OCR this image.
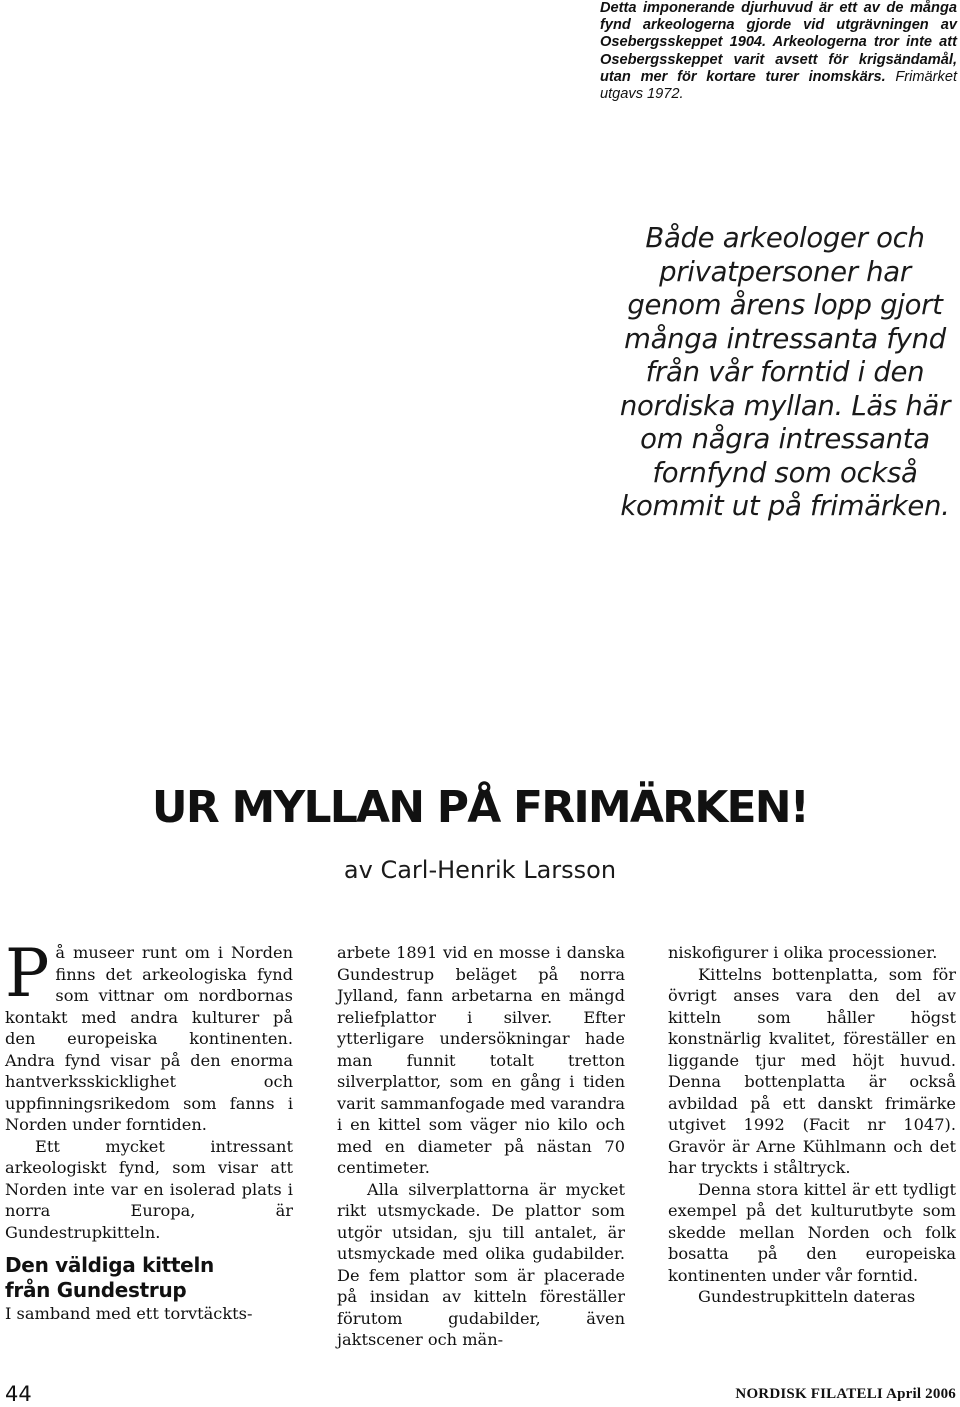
Detta imponerande djurhuvud är ett av de många fynd arkeologerna gjorde vid utgrävningen av Osebergsskeppet 1904. Arkeologerna tror inte att Osebergsskeppet varit avsett för krigsändamål, utan mer för kortare turer inomskärs. Frimärket utgavs 1972.

Både arkeologer och

privatpersoner har

genom årens lopp gjort

många intressanta fynd

från vår forntid i den

nordiska myllan. Läs här

om några intressanta

fornfynd som också

kommit ut på frimärken.

UR MYLLAN PÅ FRIMÄRKEN!
av Carl-Henrik Larsson

På museer runt om i Norden finns det arkeologiska fynd som vittnar om nordbornas kontakt med andra kulturer på den europeiska kontinenten. Andra fynd visar på den enorma hantverksskicklighet och uppfinningsrikedom som fanns i Norden under forntiden.

Ett mycket intressant arkeologiskt fynd, som visar att Norden inte var en isolerad plats i norra Europa, är Gundestrupkitteln.

Den väldiga kitteln
från Gundestrup

I samband med ett torvtäckts-

arbete 1891 vid en mosse i danska Gundestrup beläget på norra Jylland, fann arbetarna en mängd reliefplattor i silver. Efter ytterligare undersökningar hade man funnit totalt tretton silverplattor, som en gång i tiden varit sammanfogade med varandra i en kittel som väger nio kilo och med en diameter på nästan 70 centimeter.

Alla silverplattorna är mycket rikt utsmyckade. De plattor som utgör utsidan, sju till antalet, är utsmyckade med olika gudabilder. De fem plattor som är placerade på insidan av kitteln föreställer förutom gudabilder, även jaktscener och män-

niskofigurer i olika processioner.

Kittelns bottenplatta, som för övrigt anses vara den del av kitteln som håller högst konstnärlig kvalitet, föreställer en liggande tjur med höjt huvud. Denna bottenplatta är också avbildad på ett danskt frimärke utgivet 1992 (Facit nr 1047). Gravör är Arne Kühlmann och det har tryckts i ståltryck.

Denna stora kittel är ett tydligt exempel på det kulturutbyte som skedde mellan Norden och folk bosatta på den europeiska kontinenten under vår forntid.

Gundestrupkitteln dateras

44	NORDISK FILATELI April 2006
